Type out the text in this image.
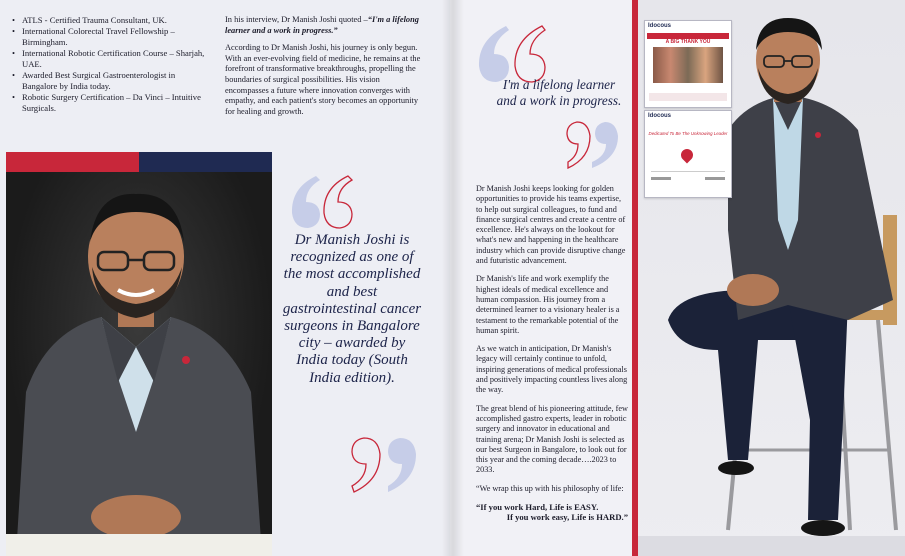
• ATLS - Certified Trauma Consultant, UK.
• International Colorectal Travel Fellowship – Birmingham.
• International Robotic Certification Course – Sharjah, UAE.
• Awarded Best Surgical Gastroenterologist in Bangalore by India today.
• Robotic Surgery Certification – Da Vinci – Intuitive Surgicals.

In his interview, Dr Manish Joshi quoted –“I'm a lifelong learner and a work in progress.”

According to Dr Manish Joshi, his journey is only begun. With an ever-evolving field of medicine, he remains at the forefront of transformative breakthroughs, propelling the boundaries of surgical possibilities. His vision encompasses a future where innovation converges with empathy, and each patient's story becomes an opportunity for healing and growth.

Dr Manish Joshi is recognized as one of the most accomplished and best gastrointestinal cancer surgeons in Bangalore city – awarded by India today (South India edition).
I'm a lifelong learner and a work in progress.

Dr Manish Joshi keeps looking for golden opportunities to provide his teams expertise, to help out surgical colleagues, to fund and finance surgical centres and create a centre of excellence. He's always on the lookout for what's new and happening in the healthcare industry which can provide disruptive change and futuristic advancement.

Dr Manish's life and work exemplify the highest ideals of medical excellence and human compassion. His journey from a determined learner to a visionary healer is a testament to the remarkable potential of the human spirit.

As we watch in anticipation, Dr Manish's legacy will certainly continue to unfold, inspiring generations of medical professionals and positively impacting countless lives along the way.

The great blend of his pioneering attitude, few accomplished gastro experts, leader in robotic surgery and innovator in educational and training arena; Dr Manish Joshi is selected as our best Surgeon in Bangalore, to look out for this year and the coming decade….2023 to 2033.

“We wrap this up with his philosophy of life:

“If you work Hard, Life is EASY.
If you work easy, Life is HARD.”

Idocous
A BIG THANK YOU
Idocous
Dedicated To Be The Unknowing Leader
